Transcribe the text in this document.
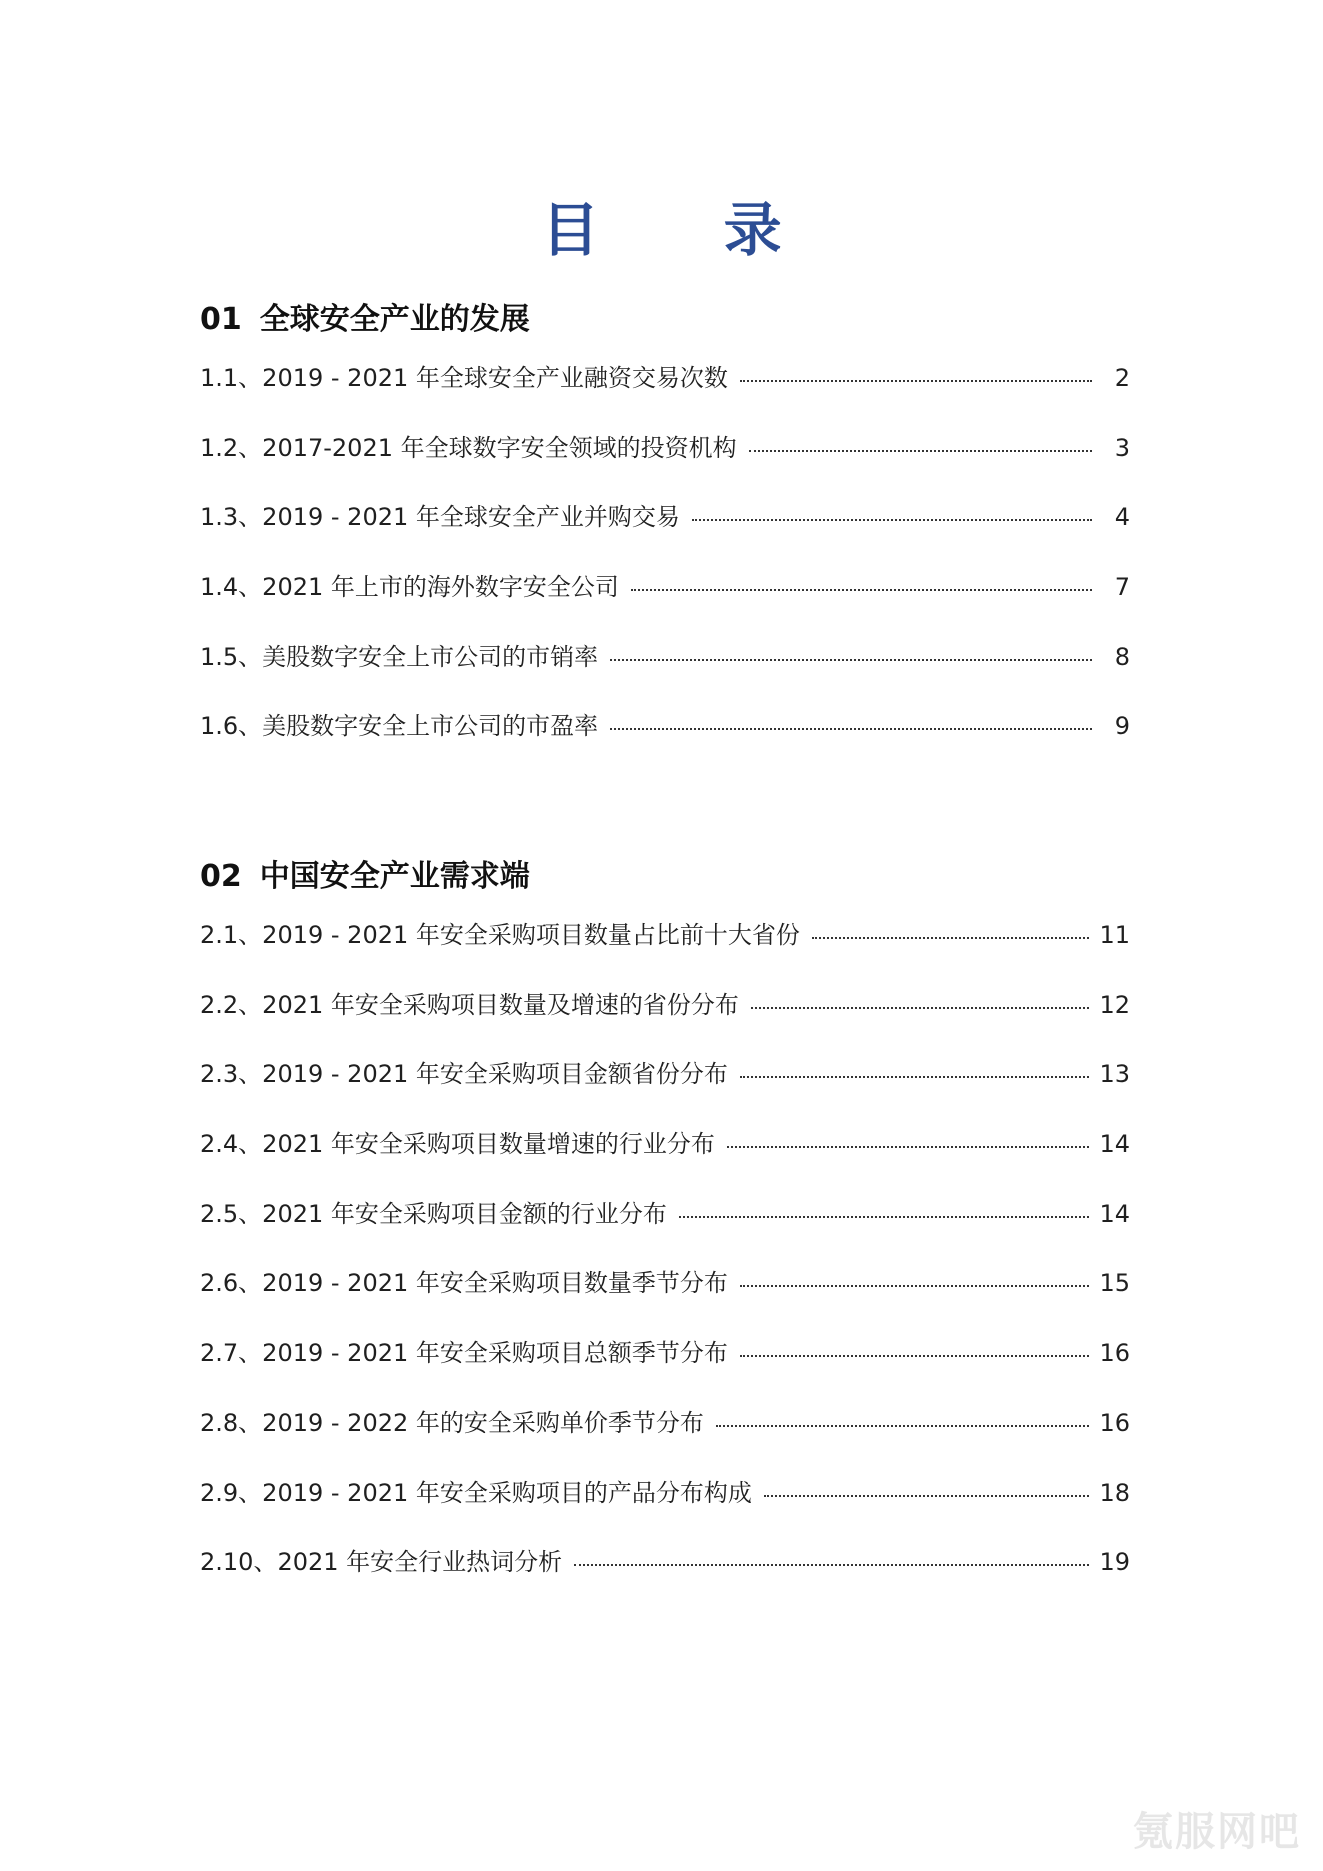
目 录
01 全球安全产业的发展
1.1、 2019 - 2021 年全球安全产业融资交易次数	2
1.2、 2017-2021 年全球数字安全领域的投资机构	3
1.3、 2019 - 2021 年全球安全产业并购交易	4
1.4、 2021 年上市的海外数字安全公司	7
1.5、 美股数字安全上市公司的市销率	8
1.6、 美股数字安全上市公司的市盈率	9
02 中国安全产业需求端
2.1、 2019 - 2021 年安全采购项目数量占比前十大省份	11
2.2、 2021 年安全采购项目数量及增速的省份分布	12
2.3、 2019 - 2021 年安全采购项目金额省份分布	13
2.4、 2021 年安全采购项目数量增速的行业分布	14
2.5、 2021 年安全采购项目金额的行业分布	14
2.6、 2019 - 2021 年安全采购项目数量季节分布	15
2.7、 2019 - 2021 年安全采购项目总额季节分布	16
2.8、 2019 - 2022 年的安全采购单价季节分布	16
2.9、 2019 - 2021 年安全采购项目的产品分布构成	18
2.10、 2021 年安全行业热词分析	19
氪服网吧
